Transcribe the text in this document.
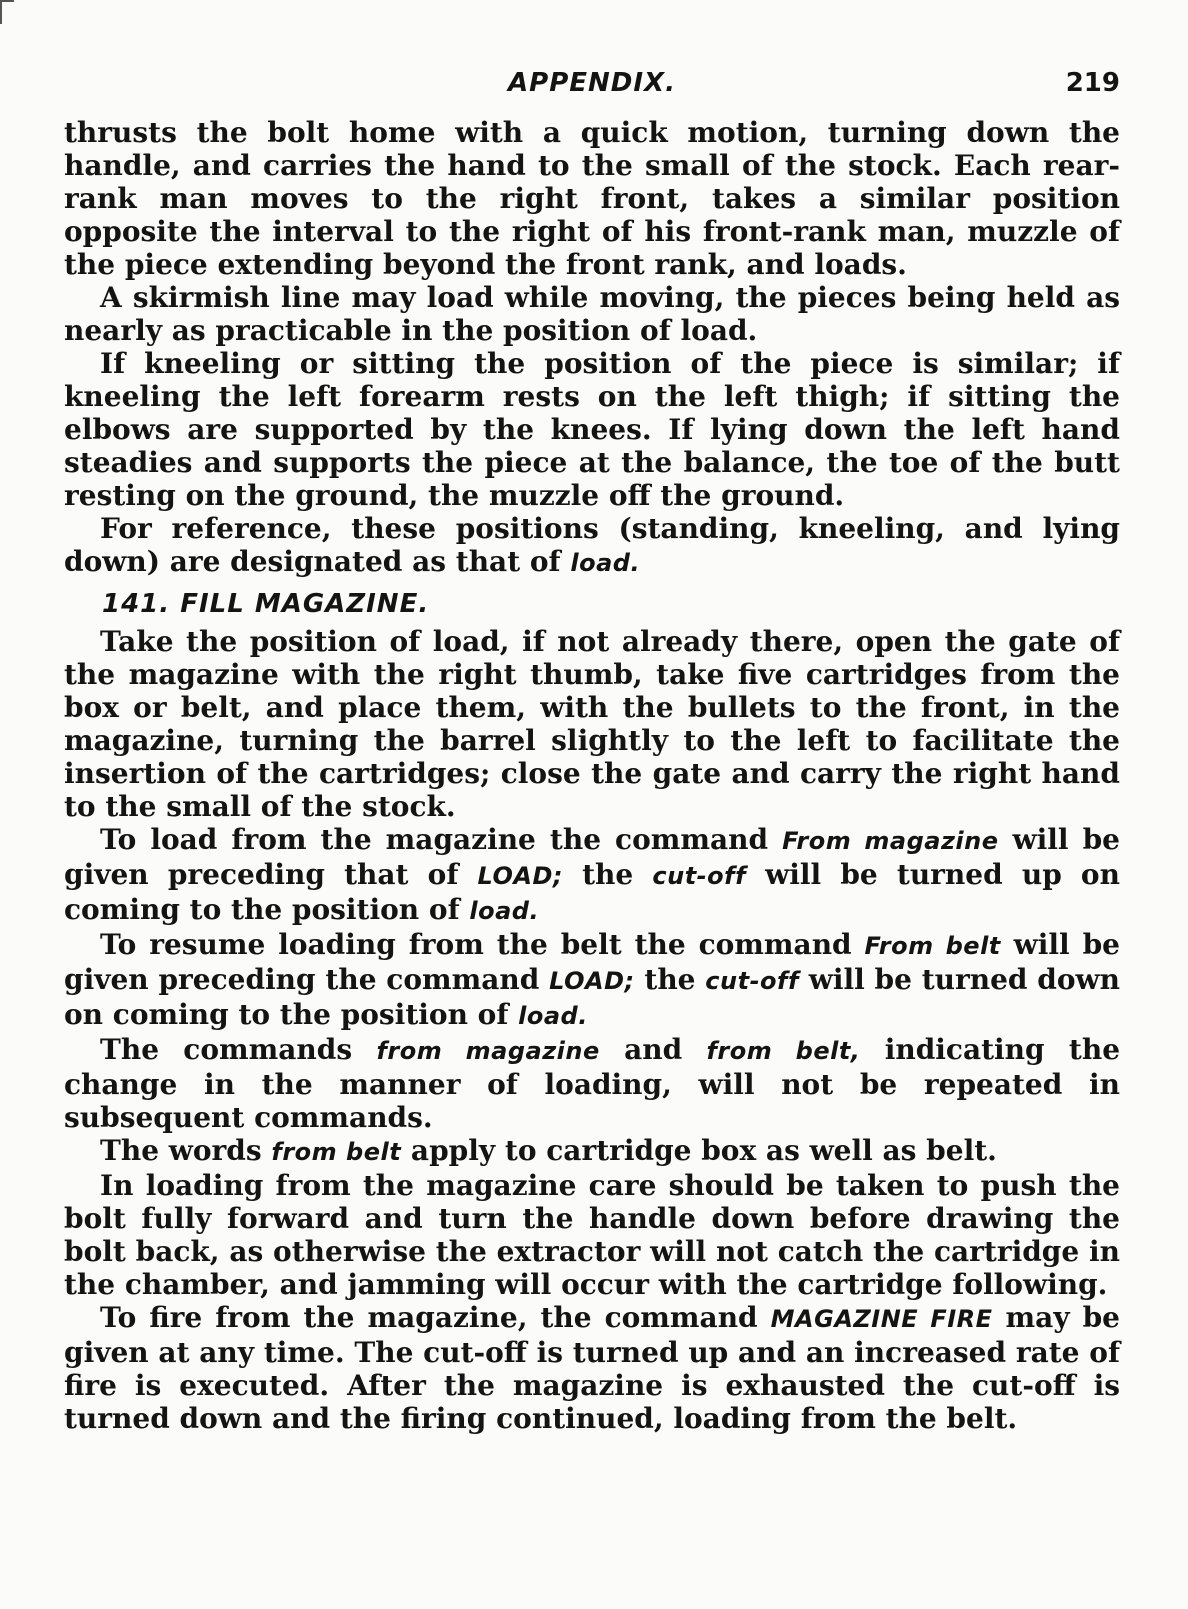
APPENDIX.	219

thrusts the bolt home with a quick motion, turning down the handle, and carries the hand to the small of the stock. Each rear-rank man moves to the right front, takes a similar position opposite the interval to the right of his front-rank man, muzzle of the piece extending beyond the front rank, and loads.

A skirmish line may load while moving, the pieces being held as nearly as practicable in the position of load.

If kneeling or sitting the position of the piece is similar; if kneeling the left forearm rests on the left thigh; if sitting the elbows are supported by the knees. If lying down the left hand steadies and supports the piece at the balance, the toe of the butt resting on the ground, the muzzle off the ground.

For reference, these positions (standing, kneeling, and lying down) are designated as that of load.

141. FILL MAGAZINE.

Take the position of load, if not already there, open the gate of the magazine with the right thumb, take five cartridges from the box or belt, and place them, with the bullets to the front, in the magazine, turning the barrel slightly to the left to facilitate the insertion of the cartridges; close the gate and carry the right hand to the small of the stock.

To load from the magazine the command From magazine will be given preceding that of LOAD; the cut-off will be turned up on coming to the position of load.

To resume loading from the belt the command From belt will be given preceding the command LOAD; the cut-off will be turned down on coming to the position of load.

The commands from magazine and from belt, indicating the change in the manner of loading, will not be repeated in subsequent commands.

The words from belt apply to cartridge box as well as belt.

In loading from the magazine care should be taken to push the bolt fully forward and turn the handle down before drawing the bolt back, as otherwise the extractor will not catch the cartridge in the chamber, and jamming will occur with the cartridge following.

To fire from the magazine, the command MAGAZINE FIRE may be given at any time. The cut-off is turned up and an increased rate of fire is executed. After the magazine is exhausted the cut-off is turned down and the firing continued, loading from the belt.
